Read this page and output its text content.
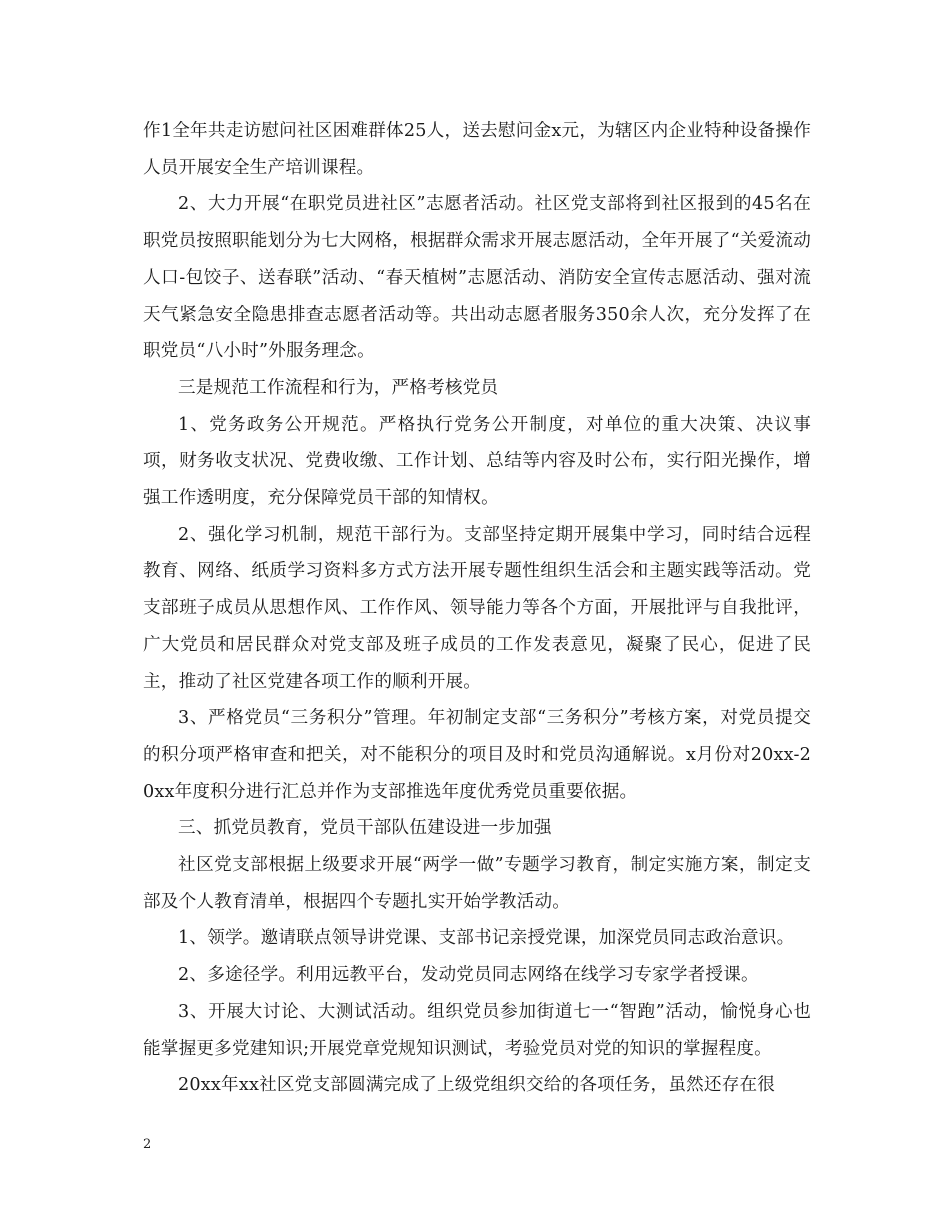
作1全年共走访慰问社区困难群体25人，送去慰问金x元，为辖区内企业特种设备操作人员开展安全生产培训课程。

2、大力开展“在职党员进社区”志愿者活动。社区党支部将到社区报到的45名在职党员按照职能划分为七大网格，根据群众需求开展志愿活动，全年开展了“关爱流动人口-包饺子、送春联”活动、“春天植树”志愿活动、消防安全宣传志愿活动、强对流天气紧急安全隐患排查志愿者活动等。共出动志愿者服务350余人次，充分发挥了在职党员“八小时”外服务理念。

三是规范工作流程和行为，严格考核党员

1、党务政务公开规范。严格执行党务公开制度，对单位的重大决策、决议事项，财务收支状况、党费收缴、工作计划、总结等内容及时公布，实行阳光操作，增强工作透明度，充分保障党员干部的知情权。

2、强化学习机制，规范干部行为。支部坚持定期开展集中学习，同时结合远程教育、网络、纸质学习资料多方式方法开展专题性组织生活会和主题实践等活动。党支部班子成员从思想作风、工作作风、领导能力等各个方面，开展批评与自我批评，广大党员和居民群众对党支部及班子成员的工作发表意见，凝聚了民心，促进了民主，推动了社区党建各项工作的顺利开展。

3、严格党员“三务积分”管理。年初制定支部“三务积分”考核方案，对党员提交的积分项严格审查和把关，对不能积分的项目及时和党员沟通解说。x月份对20xx-20xx年度积分进行汇总并作为支部推选年度优秀党员重要依据。

三、抓党员教育，党员干部队伍建设进一步加强

社区党支部根据上级要求开展“两学一做”专题学习教育，制定实施方案，制定支部及个人教育清单，根据四个专题扎实开始学教活动。

1、领学。邀请联点领导讲党课、支部书记亲授党课，加深党员同志政治意识。

2、多途径学。利用远教平台，发动党员同志网络在线学习专家学者授课。

3、开展大讨论、大测试活动。组织党员参加街道七一“智跑”活动，愉悦身心也能掌握更多党建知识;开展党章党规知识测试，考验党员对党的知识的掌握程度。

20xx年xx社区党支部圆满完成了上级党组织交给的各项任务，虽然还存在很

2
